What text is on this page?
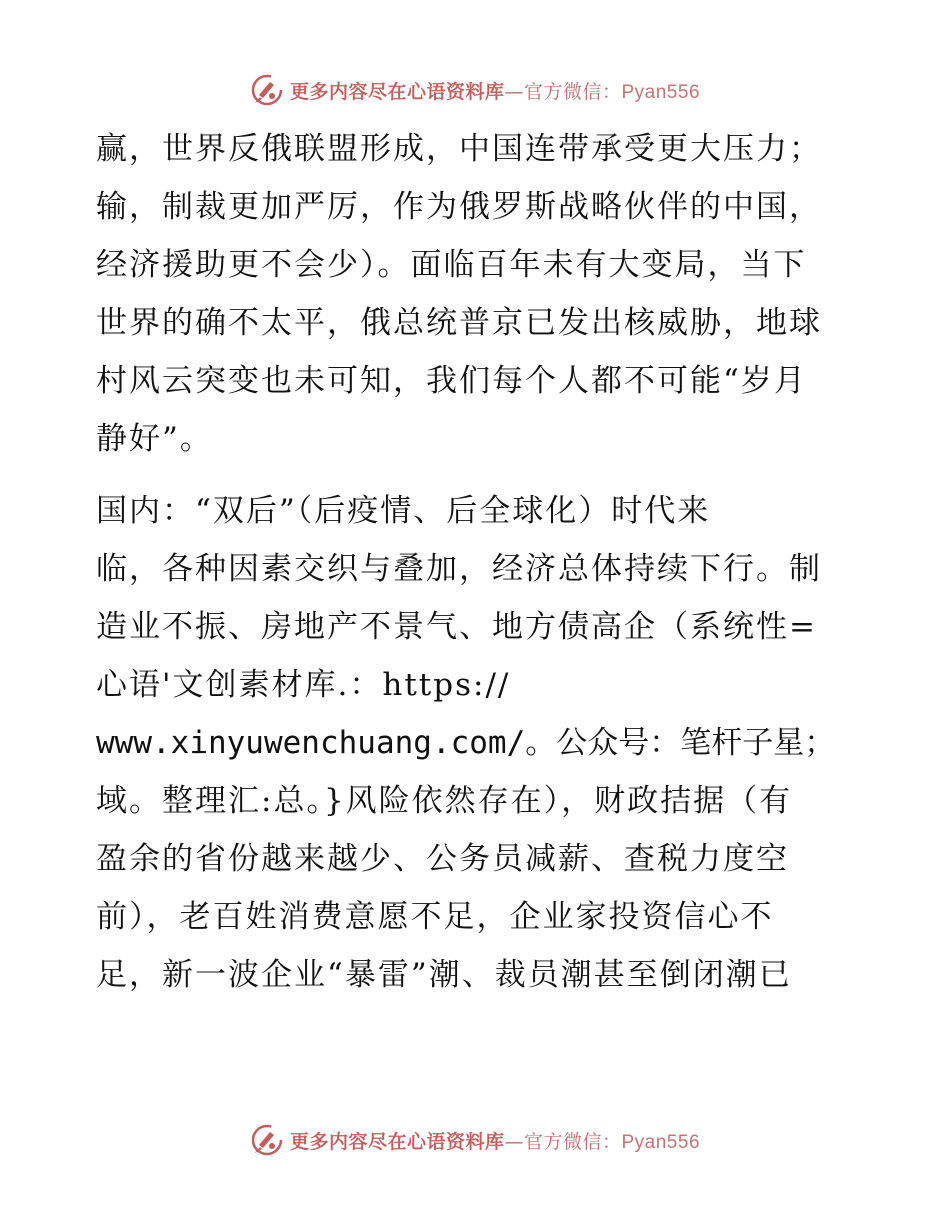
更多内容尽在心语资料库—官方微信：Pyan556
赢，世界反俄联盟形成，中国连带承受更大压力；
输，制裁更加严厉，作为俄罗斯战略伙伴的中国，
经济援助更不会少）。面临百年未有大变局，当下
世界的确不太平，俄总统普京已发出核威胁，地球
村风云突变也未可知，我们每个人都不可能“岁月
静好”。
国内：“双后”（后疫情、后全球化）时代来
临，各种因素交织与叠加，经济总体持续下行。制
造业不振、房地产不景气、地方债高企（系统性=
心语'文创素材库.：https://
www.xinyuwenchuang.com/。公众号：笔杆子星；
域。整理汇:总。}风险依然存在），财政拮据（有
盈余的省份越来越少、公务员减薪、查税力度空
前），老百姓消费意愿不足，企业家投资信心不
足，新一波企业“暴雷”潮、裁员潮甚至倒闭潮已
更多内容尽在心语资料库—官方微信：Pyan556
